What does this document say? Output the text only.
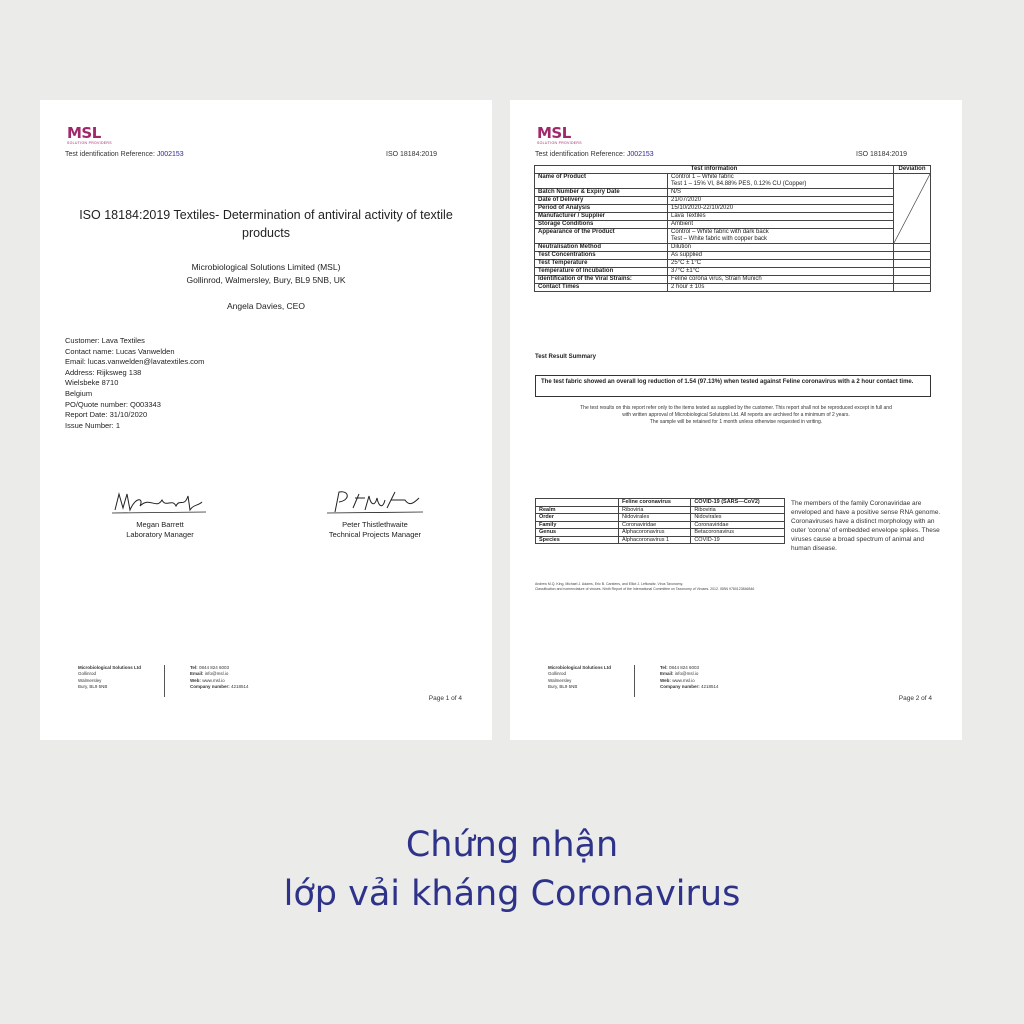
MSL
SOLUTION PROVIDERS
Test identification Reference: J002153	ISO 18184:2019
ISO 18184:2019 Textiles- Determination of antiviral activity of textile products
Microbiological Solutions Limited (MSL)
Gollinrod, Walmersley, Bury, BL9 5NB, UK
Angela Davies, CEO
Customer: Lava Textiles
Contact name: Lucas Vanwelden
Email: lucas.vanwelden@lavatextiles.com
Address: Rijksweg 138
Wielsbeke 8710
Belgium
PO/Quote number: Q003343
Report Date: 31/10/2020
Issue Number: 1
Megan Barrett
Laboratory Manager
Peter Thistlethwaite
Technical Projects Manager
Microbiological Solutions Ltd
Gollinrod
Walmersley
Bury, BL9 5NB
Tel: 0844 824 6003
Email: info@msl.io
Web: www.msl.io
Company number: 4218514
Page 1 of 4
MSL
SOLUTION PROVIDERS
Test identification Reference: J002153	ISO 18184:2019
Test information		Deviation
Name of Product	Control 1 – White fabric
Test 1 – 15% VI, 84.88% PES, 0.12% CU (Copper)

Batch Number & Expiry Date	N/S	
Date of Delivery	21/07/2020	
Period of Analysis	15/10/2020-22/10/2020	
Manufacturer / Supplier	Lava Textiles	
Storage Conditions	Ambient	
Appearance of the Product	Control – White fabric with dark back
Test – White fabric with copper back	

Neutralisation Method	Dilution	
Test Concentrations	As supplied	
Test Temperature	25°C ± 1°C	
Temperature of Incubation	37°C ±1°C	
Identification of the Viral Strains:	Feline corona virus, Strain Munich	
Contact Times	2 hour ± 10s	
Test Result Summary
The test fabric showed an overall log reduction of 1.54 (97.13%) when tested against Feline coronavirus with a 2 hour contact time.
The test results on this report refer only to the items tested as supplied by the customer. This report shall not be reproduced except in full and
with written approval of Microbiological Solutions Ltd. All reports are archived for a minimum of 2 years.
The sample will be retained for 1 month unless otherwise requested in writing.
	Feline coronavirus	COVID-19 (SARS—CoV2)
Realm	Riboviria	Riboviria
Order	Nidovirales	Nidovirales
Family	Coronaviridae	Coronaviridae
Genus	Alphacoronavirus	Betacoronavirus
Species	Alphacoronavirus 1	COVID-19
The members of the family Coronaviridae are enveloped and have a positive sense RNA genome. Coronaviruses have a distinct morphology with an outer 'corona' of embedded envelope spikes. These viruses cause a broad spectrum of animal and human disease.
Andrew M.Q. King, Michael J. Adams, Eric B. Carstens, and Elliot J. Lefkowitz. Virus Taxonomy.
Classification and nomenclature of viruses. Ninth Report of the International Committee on Taxonomy of Viruses. 2012. ISBN 9780123846846
Microbiological Solutions Ltd
Gollinrod
Walmersley
Bury, BL9 5NB
Tel: 0844 824 6003
Email: info@msl.io
Web: www.msl.io
Company number: 4218514
Page 2 of 4
Chứng nhận
lớp vải kháng Coronavirus
